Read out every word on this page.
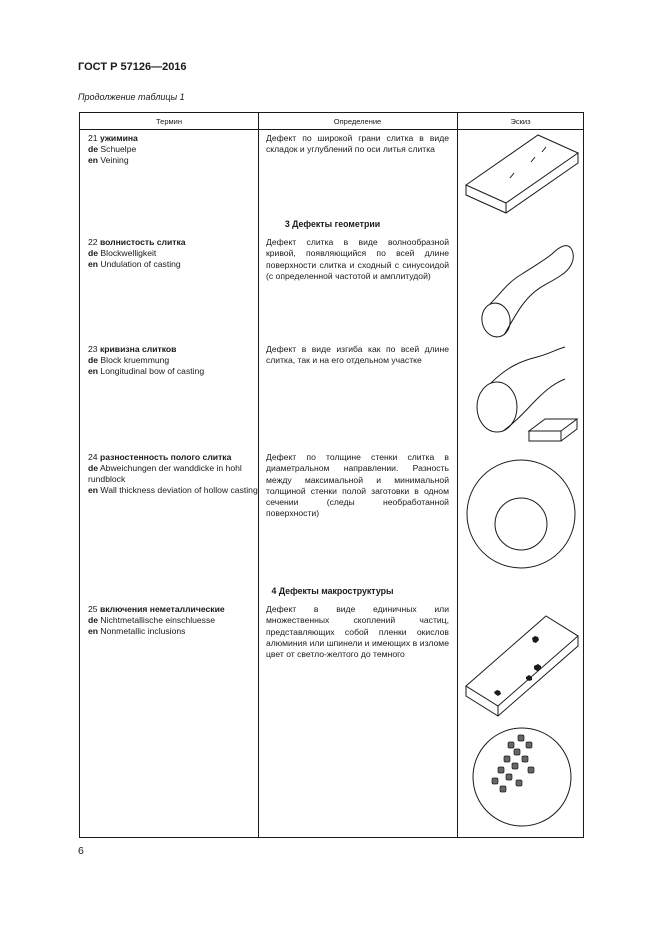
ГОСТ Р 57126—2016
Продолжение таблицы 1
Термин	Определение	Эскиз
21 ужимина
de Schuelpe
en Veining
Дефект по широкой грани слитка в виде складок и углублений по оси литья слитка
3 Дефекты геометрии
22 волнистость слитка
de Blockwelligkeit
en Undulation of casting
Дефект слитка в виде волнообразной кривой, появляющийся по всей длине поверхности слитка и сходный с синусоидой (с определенной частотой и амплитудой)
23 кривизна слитков
de Block kruemmung
en Longitudinal bow of casting
Дефект в виде изгиба как по всей длине слитка, так и на его отдельном участке
24 разностенность полого слитка
de Abweichungen der wanddicke in hohl rundblock
en Wall thickness deviation of hollow casting
Дефект по толщине стенки слитка в диаметральном направлении. Разность между максимальной и минимальной толщиной стенки полой заготовки в одном сечении (следы необработанной поверхности)
4 Дефекты макроструктуры
25 включения неметаллические
de Nichtmetallische einschluesse
en Nonmetallic inclusions
Дефект в виде единичных или множественных скоплений частиц, представляющих собой пленки окислов алюминия или шпинели и имеющих в изломе цвет от светло-желтого до темного
6
